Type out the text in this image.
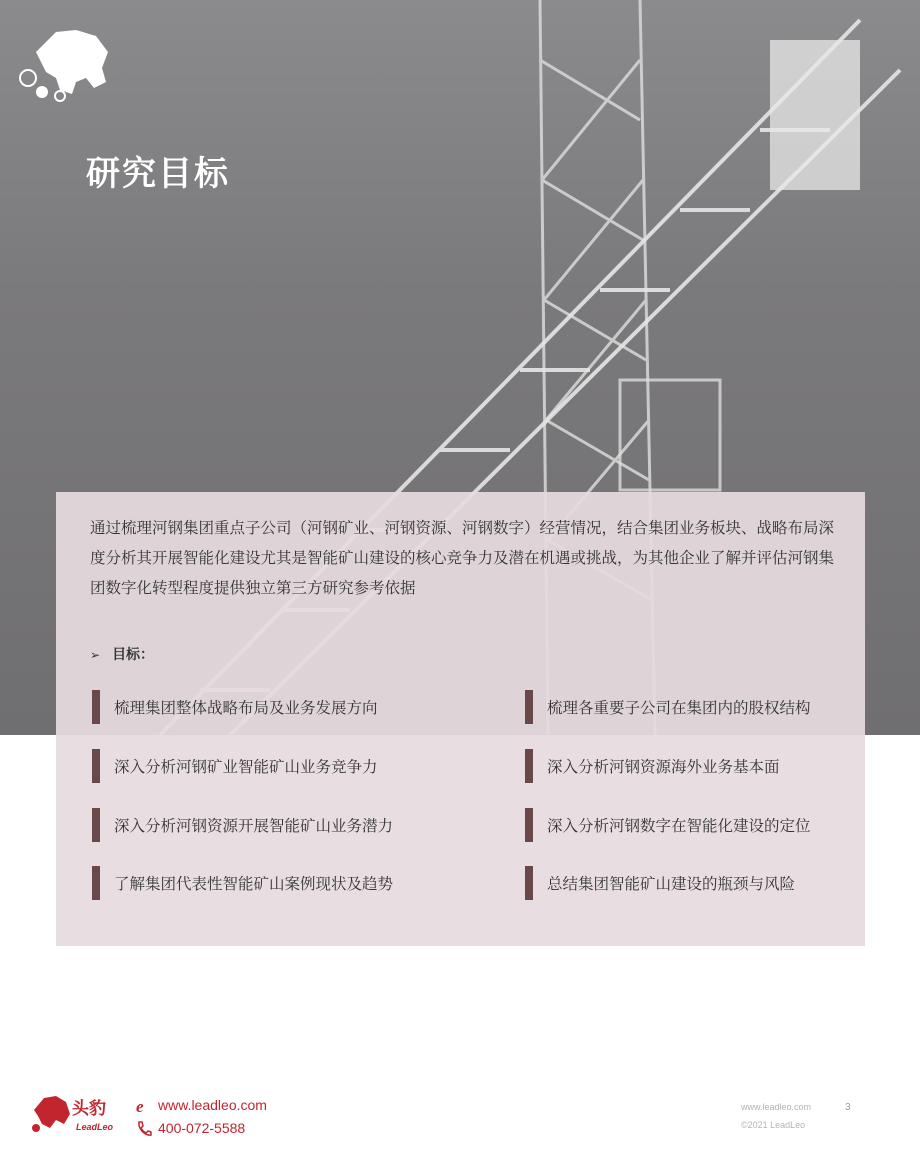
研究目标
通过梳理河钢集团重点子公司（河钢矿业、河钢资源、河钢数字）经营情况，结合集团业务板块、战略布局深度分析其开展智能化建设尤其是智能矿山建设的核心竞争力及潜在机遇或挑战，为其他企业了解并评估河钢集团数字化转型程度提供独立第三方研究参考依据
➢ 目标：
梳理集团整体战略布局及业务发展方向
深入分析河钢矿业智能矿山业务竞争力
深入分析河钢资源开展智能矿山业务潜力
了解集团代表性智能矿山案例现状及趋势
梳理各重要子公司在集团内的股权结构
深入分析河钢资源海外业务基本面
深入分析河钢数字在智能化建设的定位
总结集团智能矿山建设的瓶颈与风险
头豹
LeadLeo
e www.leadleo.com
400-072-5588
www.leadleo.com
©2021 LeadLeo
3
